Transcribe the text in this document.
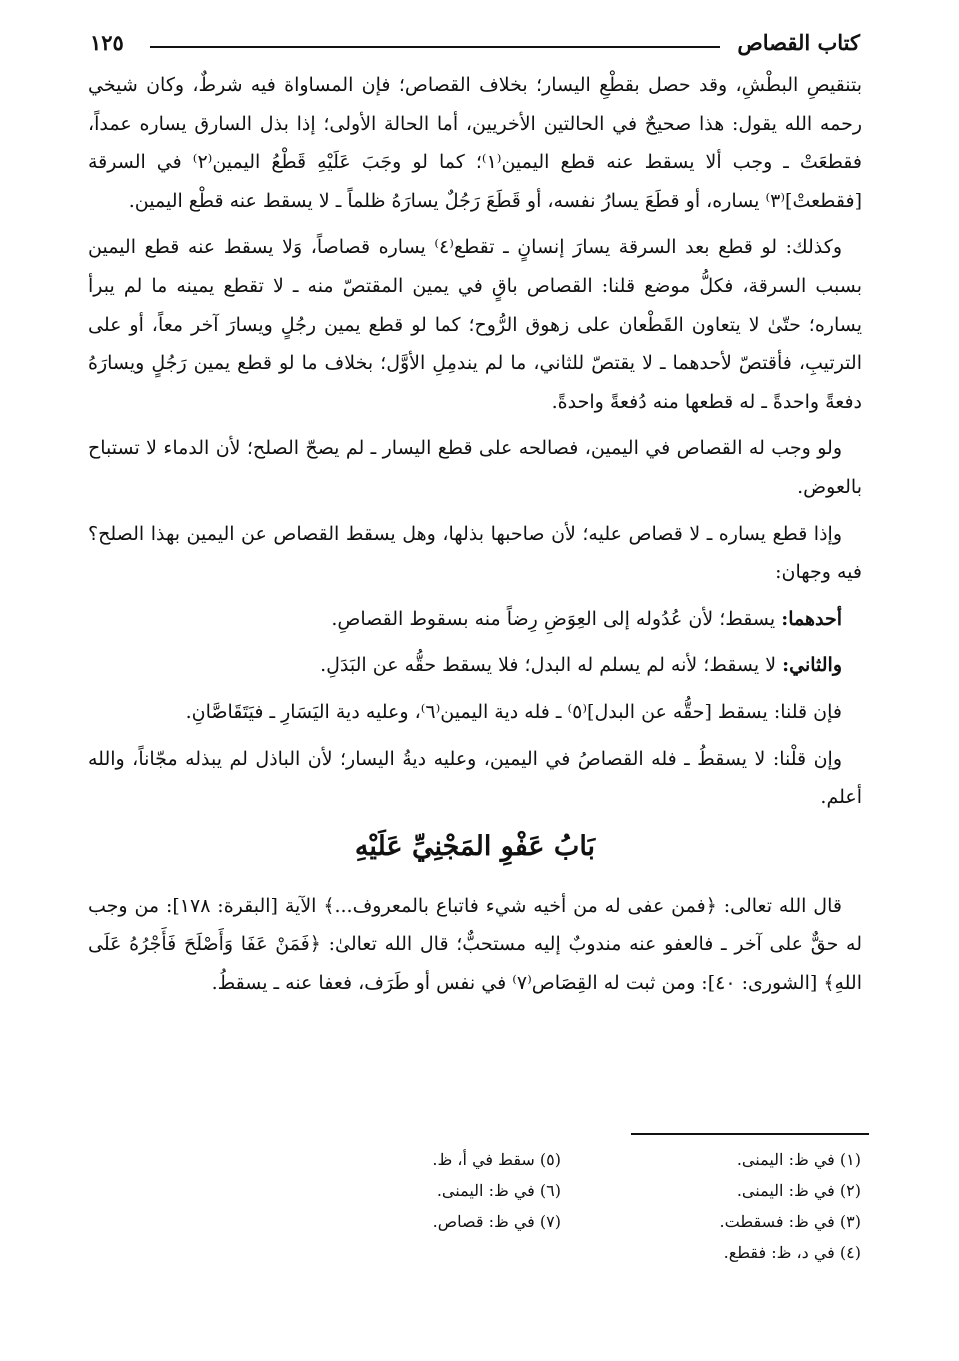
كتاب القصاص
١٢٥

بتنقيصِ البطْشِ، وقد حصل بقطْعِ اليسار؛ بخلاف القصاص؛ فإن المساواة فيه شرطٌ، وكان شيخي رحمه الله يقول: هذا صحيحٌ في الحالتين الأخريين، أما الحالة الأولى؛ إذا بذل السارق يساره عمداً، فقطعَتْ ـ وجب ألا يسقط عنه قطع اليمين⁽١⁾؛ كما لو وجَبَ عَلَيْهِ قَطْعُ اليمين⁽٢⁾ في السرقة [فقطعتْ]⁽٣⁾ يساره، أو قطَعَ يسارُ نفسه، أو قَطَعَ رَجُلٌ يسارَهُ ظلماً ـ لا يسقط عنه قطْع اليمين.

وكذلك: لو قطع بعد السرقة يسارَ إنسانٍ ـ تقطع⁽٤⁾ يساره قصاصاً، وَلا يسقط عنه قطع اليمين بسبب السرقة، فكلُّ موضع قلنا: القصاص باقٍ في يمين المقتصّ منه ـ لا تقطع يمينه ما لم يبرأ يساره؛ حتّىٰ لا يتعاون القَطْعان على زهوق الرُّوح؛ كما لو قطع يمين رجُلٍ ويسارَ آخر معاً، أو على الترتيبِ، فأقتصّ لأحدهما ـ لا يقتصّ للثاني، ما لم يندمِلِ الأوَّل؛ بخلاف ما لو قطع يمين رَجُلٍ ويسارَهُ دفعةً واحدةً ـ له قطعها منه دُفعةً واحدةً.

ولو وجب له القصاص في اليمين، فصالحه على قطع اليسار ـ لم يصحّ الصلح؛ لأن الدماء لا تستباح بالعوض.

وإذا قطع يساره ـ لا قصاص عليه؛ لأن صاحبها بذلها، وهل يسقط القصاص عن اليمين بهذا الصلح؟ فيه وجهان:

أحدهما: يسقط؛ لأن عُدُوله إلى العِوَضِ رِضاً منه بسقوط القصاصِ.

والثاني: لا يسقط؛ لأنه لم يسلم له البدل؛ فلا يسقط حقُّه عن البَدَلِ.

فإن قلنا: يسقط [حقُّه عن البدل]⁽٥⁾ ـ فله دية اليمين⁽٦⁾، وعليه دية اليَسَارِ ـ فيَتَقَاصَّانِ.

وإن قلْنا: لا يسقطُ ـ فله القصاصُ في اليمين، وعليه ديةُ اليسار؛ لأن الباذل لم يبذله مجّاناً، والله أعلم.

بَابُ عَفْوِ المَجْنِيِّ عَلَيْهِ

قال الله تعالى: ﴿فمن عفى له من أخيه شيء فاتباع بالمعروف...﴾ الآية [البقرة: ١٧٨]: من وجب له حقٌّ على آخر ـ فالعفو عنه مندوبٌ إليه مستحبٌّ؛ قال الله تعالىٰ: ﴿فَمَنْ عَفَا وَأَصْلَحَ فَأَجْرُهُ عَلَى اللهِ﴾ [الشورى: ٤٠]: ومن ثبت له القِصَاص⁽٧⁾ في نفس أو طَرَف، فعفا عنه ـ يسقطُ.

(١) في ظ: اليمنى.
(٢) في ظ: اليمنى.
(٣) في ظ: فسقطت.
(٤) في د، ظ: فقطع.
(٥) سقط في أ، ظ.
(٦) في ظ: اليمنى.
(٧) في ظ: قصاص.
